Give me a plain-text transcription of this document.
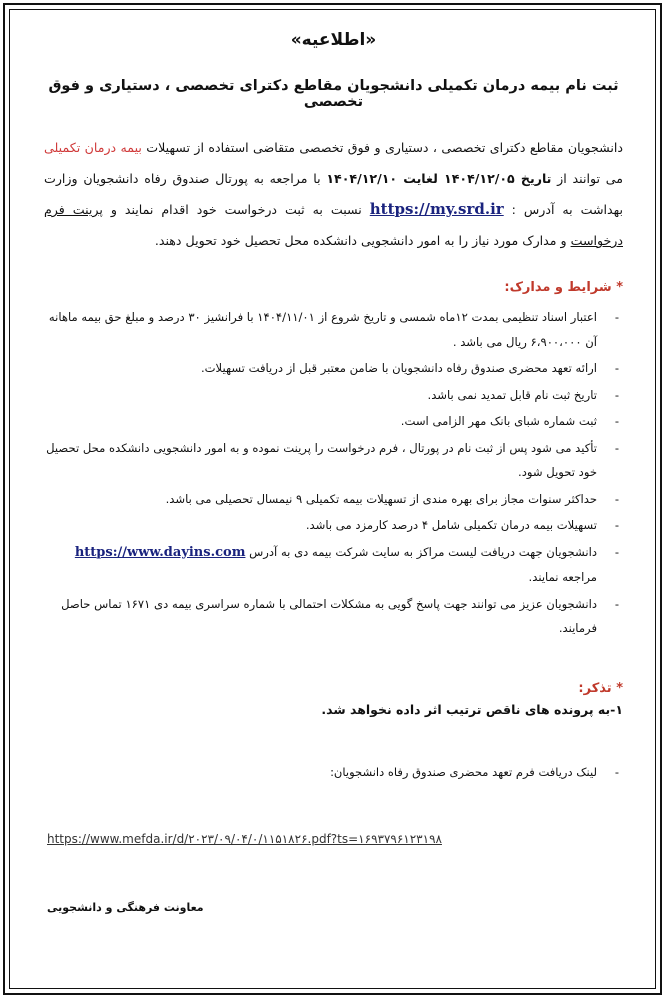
«اطلاعیه»
ثبت نام بیمه درمان تکمیلی دانشجویان مقاطع دکترای تخصصی ، دستیاری و فوق تخصصی
دانشجویان مقاطع دکترای تخصصی ، دستیاری و فوق تخصصی متقاضی استفاده از تسهیلات بیمه درمان تکمیلی می توانند از تاریخ ۱۴۰۴/۱۲/۰۵ لغایت ۱۴۰۴/۱۲/۱۰ با مراجعه به پورتال صندوق رفاه دانشجویان وزارت بهداشت به آدرس : https://my.srd.ir نسبت به ثبت درخواست خود اقدام نمایند و پرینت فرم درخواست و مدارک مورد نیاز را به امور دانشجویی دانشکده محل تحصیل خود تحویل دهند.
* شرایط و مدارک:
-
اعتبار اسناد تنظیمی بمدت ۱۲ماه شمسی و تاریخ شروع از ۱۴۰۴/۱۱/۰۱ با فرانشیز ۳۰ درصد و مبلغ حق بیمه ماهانه آن ۶،۹۰۰،۰۰۰ ریال می باشد .
-
ارائه تعهد محضری صندوق رفاه دانشجویان با ضامن معتبر قبل از دریافت تسهیلات.
-
تاریخ ثبت نام قابل تمدید نمی باشد.
-
ثبت شماره شبای بانک مهر الزامی است.
-
تأکید می شود پس از ثبت نام در پورتال ، فرم درخواست را پرینت نموده و به امور دانشجویی دانشکده محل تحصیل خود تحویل شود.
-
حداکثر سنوات مجاز برای بهره مندی از تسهیلات بیمه تکمیلی ۹ نیمسال تحصیلی می باشد.
-
تسهیلات بیمه درمان تکمیلی شامل ۴ درصد کارمزد می باشد.
-
دانشجویان جهت دریافت لیست مراکز به سایت شرکت بیمه دی به آدرس https://www.dayins.com مراجعه نمایند.
-
دانشجویان عزیز می توانند جهت پاسخ گویی به مشکلات احتمالی با شماره سراسری بیمه دی ۱۶۷۱ تماس حاصل فرمایند.
* تذکر:
۱-به پرونده های ناقص ترتیب اثر داده نخواهد شد.
-
لینک دریافت فرم تعهد محضری صندوق رفاه دانشجویان:
https://www.mefda.ir/d/۲۰۲۳/۰۹/۰۴/۰/۱۱۵۱۸۲۶.pdf?ts=۱۶۹۳۷۹۶۱۲۳۱۹۸
معاونت فرهنگی و دانشجویی
